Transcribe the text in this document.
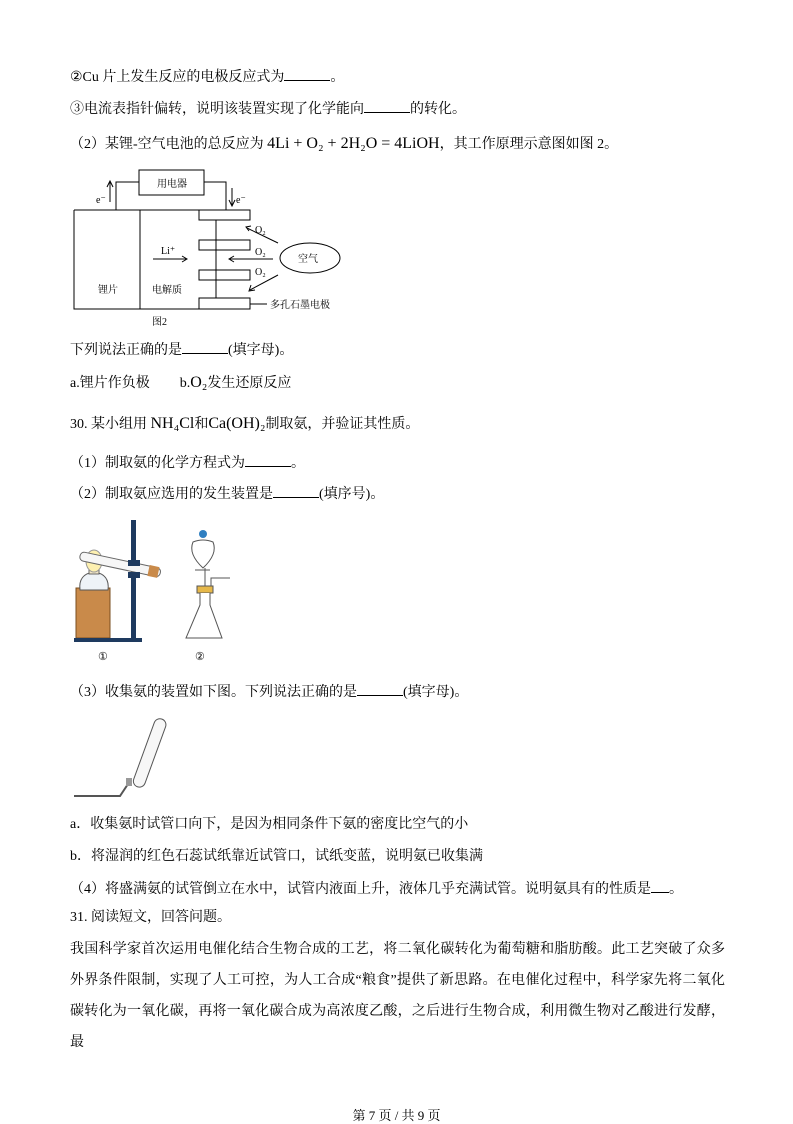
②Cu 片上发生反应的电极反应式为	。
③电流表指针偏转，说明该装置实现了化学能向	的转化。
（2）某锂-空气电池的总反应为 4Li + O₂ + 2H₂O = 4LiOH，其工作原理示意图如图 2。
用电器
e⁻	e⁻
Li⁺
O₂
O₂
O₂
空气
锂片	电解质
多孔石墨电极
图2
下列说法正确的是	(填字母)。
a.锂片作负极 b.O₂发生还原反应
30. 某小组用 NH₄Cl和Ca(OH)₂制取氨，并验证其性质。
（1）制取氨的化学方程式为	。
（2）制取氨应选用的发生装置是	(填序号)。
①	②
（3）收集氨的装置如下图。下列说法正确的是	(填字母)。
a．收集氨时试管口向下，是因为相同条件下氨的密度比空气的小
b．将湿润的红色石蕊试纸靠近试管口，试纸变蓝，说明氨已收集满
（4）将盛满氨的试管倒立在水中，试管内液面上升，液体几乎充满试管。说明氨具有的性质是 。
31. 阅读短文，回答问题。
我国科学家首次运用电催化结合生物合成的工艺，将二氧化碳转化为葡萄糖和脂肪酸。此工艺突破了众多外界条件限制，实现了人工可控，为人工合成“粮食”提供了新思路。在电催化过程中，科学家先将二氧化碳转化为一氧化碳，再将一氧化碳合成为高浓度乙酸，之后进行生物合成，利用微生物对乙酸进行发酵，最
第 7 页 / 共 9 页
